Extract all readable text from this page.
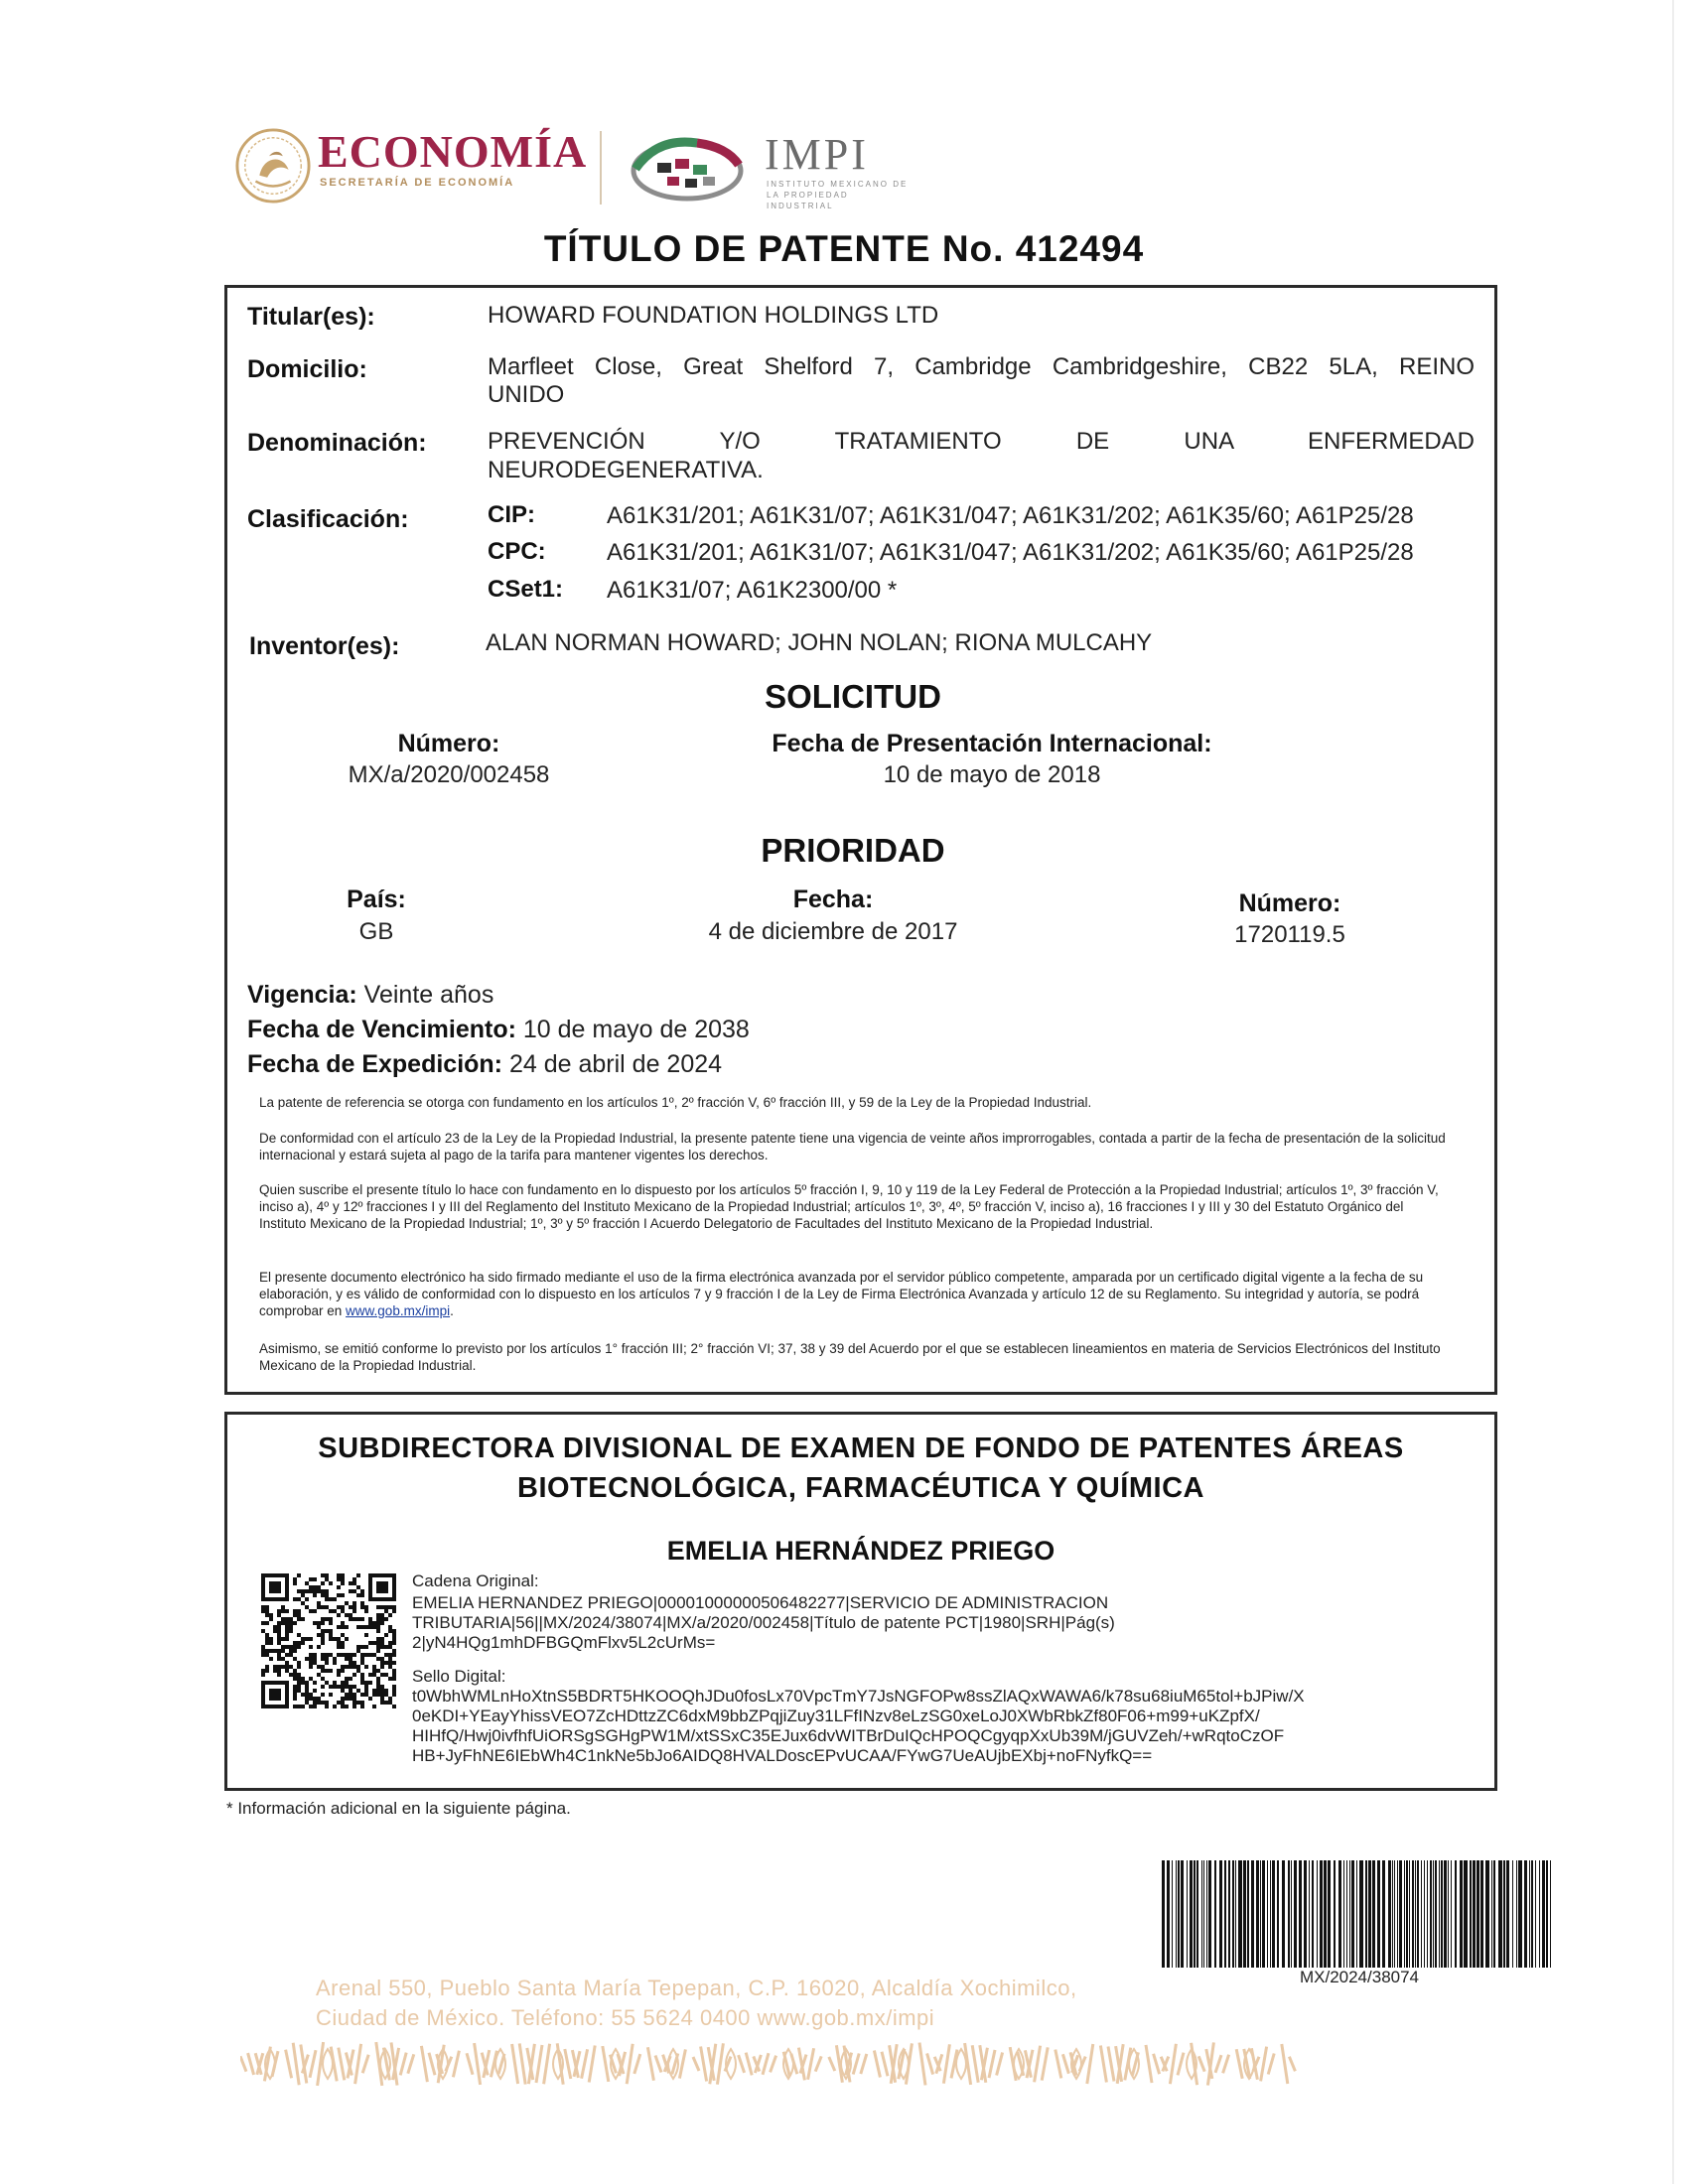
ECONOMÍA
SECRETARÍA DE ECONOMÍA
IMPI
INSTITUTO MEXICANO DE LA PROPIEDAD INDUSTRIAL
TÍTULO DE PATENTE No. 412494
Titular(es):	HOWARD FOUNDATION HOLDINGS LTD
Domicilio:	Marfleet Close, Great Shelford 7, Cambridge Cambridgeshire, CB22 5LA, REINO
UNIDO
Denominación:	PREVENCIÓN Y/O TRATAMIENTO DE UNA ENFERMEDAD
NEURODEGENERATIVA.
Clasificación:	CIP:	A61K31/201; A61K31/07; A61K31/047; A61K31/202; A61K35/60; A61P25/28
CPC:	A61K31/201; A61K31/07; A61K31/047; A61K31/202; A61K35/60; A61P25/28
CSet1: A61K31/07; A61K2300/00 *
Inventor(es):	ALAN NORMAN HOWARD; JOHN NOLAN; RIONA MULCAHY
SOLICITUD
Número:
MX/a/2020/002458
Fecha de Presentación Internacional:
10 de mayo de 2018
PRIORIDAD
País:
GB
Fecha:
4 de diciembre de 2017
Número:
1720119.5
Vigencia: Veinte años
Fecha de Vencimiento: 10 de mayo de 2038
Fecha de Expedición: 24 de abril de 2024
La patente de referencia se otorga con fundamento en los artículos 1º, 2º fracción V, 6º fracción III, y 59 de la Ley de la Propiedad Industrial.
De conformidad con el artículo 23 de la Ley de la Propiedad Industrial, la presente patente tiene una vigencia de veinte años improrrogables, contada a partir de la fecha de presentación de la solicitud internacional y estará sujeta al pago de la tarifa para mantener vigentes los derechos.
Quien suscribe el presente título lo hace con fundamento en lo dispuesto por los artículos 5º fracción I, 9, 10 y 119 de la Ley Federal de Protección a la Propiedad Industrial; artículos 1º, 3º fracción V, inciso a), 4º y 12º fracciones I y III del Reglamento del Instituto Mexicano de la Propiedad Industrial; artículos 1º, 3º, 4º, 5º fracción V, inciso a), 16 fracciones I y III y 30 del Estatuto Orgánico del Instituto Mexicano de la Propiedad Industrial; 1º, 3º y 5º fracción I Acuerdo Delegatorio de Facultades del Instituto Mexicano de la Propiedad Industrial.
El presente documento electrónico ha sido firmado mediante el uso de la firma electrónica avanzada por el servidor público competente, amparada por un certificado digital vigente a la fecha de su elaboración, y es válido de conformidad con lo dispuesto en los artículos 7 y 9 fracción I de la Ley de Firma Electrónica Avanzada y artículo 12 de su Reglamento. Su integridad y autoría, se podrá comprobar en www.gob.mx/impi.
Asimismo, se emitió conforme lo previsto por los artículos 1° fracción III; 2° fracción VI; 37, 38 y 39 del Acuerdo por el que se establecen lineamientos en materia de Servicios Electrónicos del Instituto Mexicano de la Propiedad Industrial.
SUBDIRECTORA DIVISIONAL DE EXAMEN DE FONDO DE PATENTES ÁREAS
BIOTECNOLÓGICA, FARMACÉUTICA Y QUÍMICA
EMELIA HERNÁNDEZ PRIEGO
Cadena Original:
EMELIA HERNANDEZ PRIEGO|00001000000506482277|SERVICIO DE ADMINISTRACION
TRIBUTARIA|56||MX/2024/38074|MX/a/2020/002458|Título de patente PCT|1980|SRH|Pág(s)
2|yN4HQg1mhDFBGQmFlxv5L2cUrMs=
Sello Digital:
t0WbhWMLnHoXtnS5BDRT5HKOOQhJDu0fosLx70VpcTmY7JsNGFOPw8ssZlAQxWAWA6/k78su68iuM65tol+bJPiw/X
0eKDI+YEayYhissVEO7ZcHDttzZC6dxM9bbZPqjiZuy31LFfINzv8eLzSG0xeLoJ0XWbRbkZf80F06+m99+uKZpfX/
HIHfQ/Hwj0ivfhfUiORSgSGHgPW1M/xtSSxC35EJux6dvWITBrDuIQcHPOQCgyqpXxUb39M/jGUVZeh/+wRqtoCzOF
HB+JyFhNE6IEbWh4C1nkNe5bJo6AIDQ8HVALDoscEPvUCAA/FYwG7UeAUjbEXbj+noFNyfkQ==
* Información adicional en la siguiente página.
MX/2024/38074
Arenal 550, Pueblo Santa María Tepepan, C.P. 16020, Alcaldía Xochimilco,
Ciudad de México. Teléfono: 55 5624 0400 www.gob.mx/impi
